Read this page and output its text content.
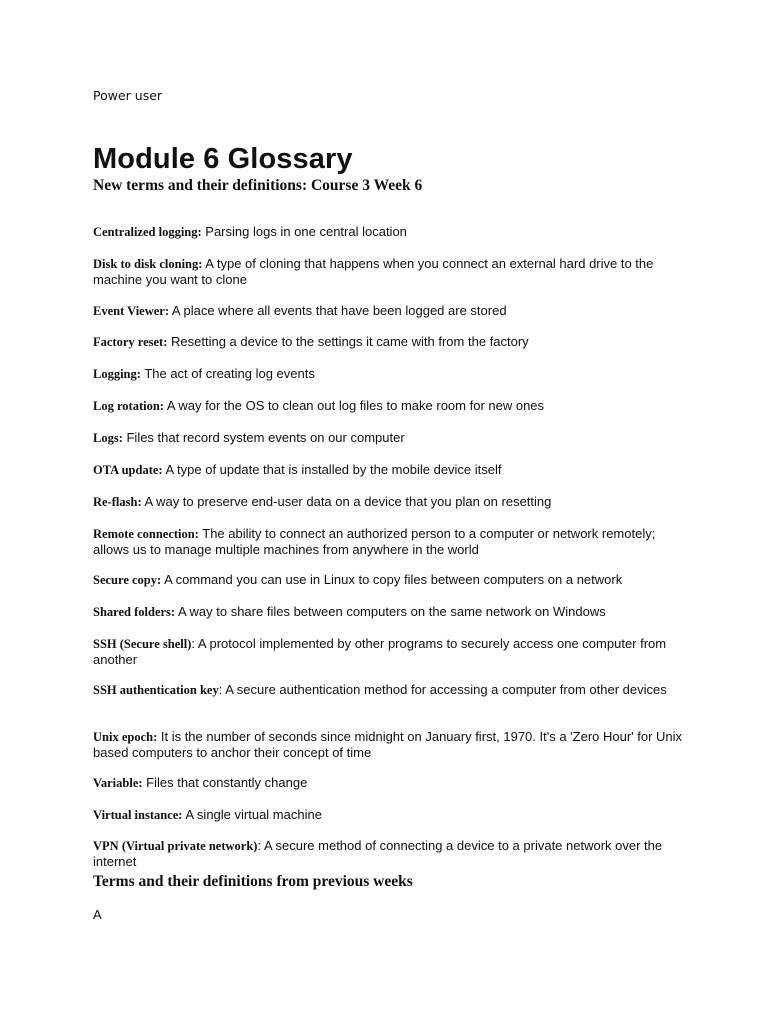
Power user
Module 6 Glossary
New terms and their definitions: Course 3 Week 6

Centralized logging: Parsing logs in one central location

Disk to disk cloning: A type of cloning that happens when you connect an external hard drive to the machine you want to clone

Event Viewer: A place where all events that have been logged are stored

Factory reset: Resetting a device to the settings it came with from the factory

Logging: The act of creating log events

Log rotation: A way for the OS to clean out log files to make room for new ones

Logs: Files that record system events on our computer

OTA update: A type of update that is installed by the mobile device itself

Re-flash: A way to preserve end-user data on a device that you plan on resetting

Remote connection: The ability to connect an authorized person to a computer or network remotely; allows us to manage multiple machines from anywhere in the world

Secure copy: A command you can use in Linux to copy files between computers on a network

Shared folders: A way to share files between computers on the same network on Windows

SSH (Secure shell): A protocol implemented by other programs to securely access one computer from another

SSH authentication key: A secure authentication method for accessing a computer from other devices

Unix epoch: It is the number of seconds since midnight on January first, 1970. It's a 'Zero Hour' for Unix based computers to anchor their concept of time

Variable: Files that constantly change

Virtual instance: A single virtual machine

VPN (Virtual private network): A secure method of connecting a device to a private network over the internet

Terms and their definitions from previous weeks
A
